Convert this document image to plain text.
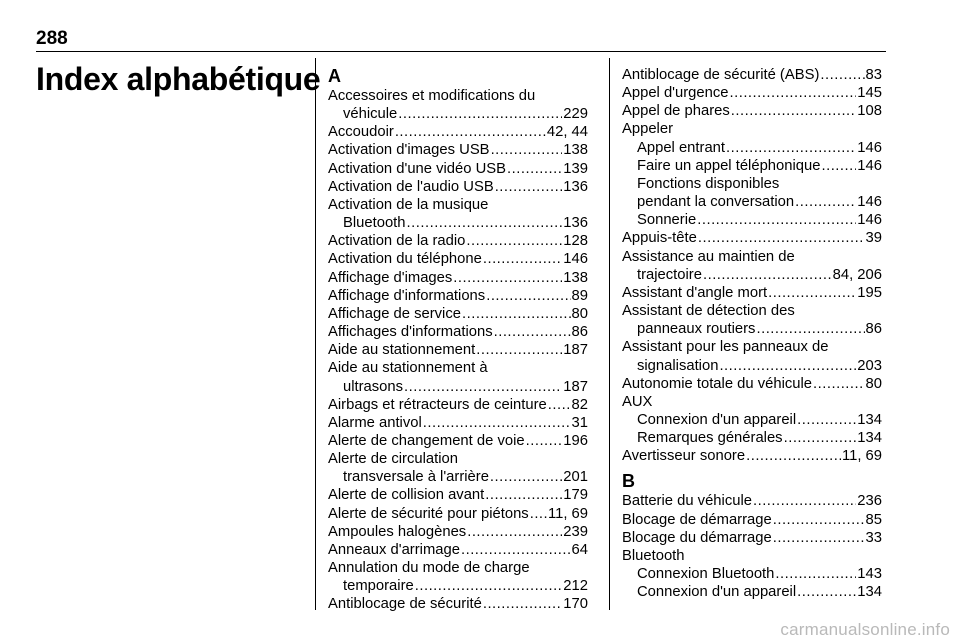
288
Index alphabétique A
Accessoires et modifications du
véhicule .....	229
Accoudoir .....	42, 44
Activation d'images USB .....	138
Activation d'une vidéo USB .....	139
Activation de l'audio USB .....	136
Activation de la musique
Bluetooth .....	136
Activation de la radio .....	128
Activation du téléphone .....	146
Affichage d'images .....	138
Affichage d'informations .....	89
Affichage de service .....	80
Affichages d'informations .....	86
Aide au stationnement .....	187
Aide au stationnement à
ultrasons .....	187
Airbags et rétracteurs de ceinture ..... 82
Alarme antivol .....	31
Alerte de changement de voie .....	196
Alerte de circulation
transversale à l'arrière .....	201
Alerte de collision avant .....	179
Alerte de sécurité pour piétons ..... 11, 69
Ampoules halogènes .....	239
Anneaux d'arrimage .....	64
Annulation du mode de charge
temporaire .....	212
Antiblocage de sécurité .....	170
Antiblocage de sécurité (ABS) .....	83
Appel d'urgence .....	145
Appel de phares .....	108
Appeler
Appel entrant .....	146
Faire un appel téléphonique ..... 146
Fonctions disponibles
pendant la conversation .....	146
Sonnerie .....	146
Appuis-tête .....	39
Assistance au maintien de
trajectoire .....	84, 206
Assistant d'angle mort .....	195
Assistant de détection des
panneaux routiers .....	86
Assistant pour les panneaux de
signalisation .....	203
Autonomie totale du véhicule .....	80
AUX
Connexion d'un appareil .....	134
Remarques générales .....	134
Avertisseur sonore .....	11, 69
B
Batterie du véhicule .....	236
Blocage de démarrage .....	85
Blocage du démarrage .....	33
Bluetooth
Connexion Bluetooth .....	143
Connexion d'un appareil .....	134
carmanualsonline.info
